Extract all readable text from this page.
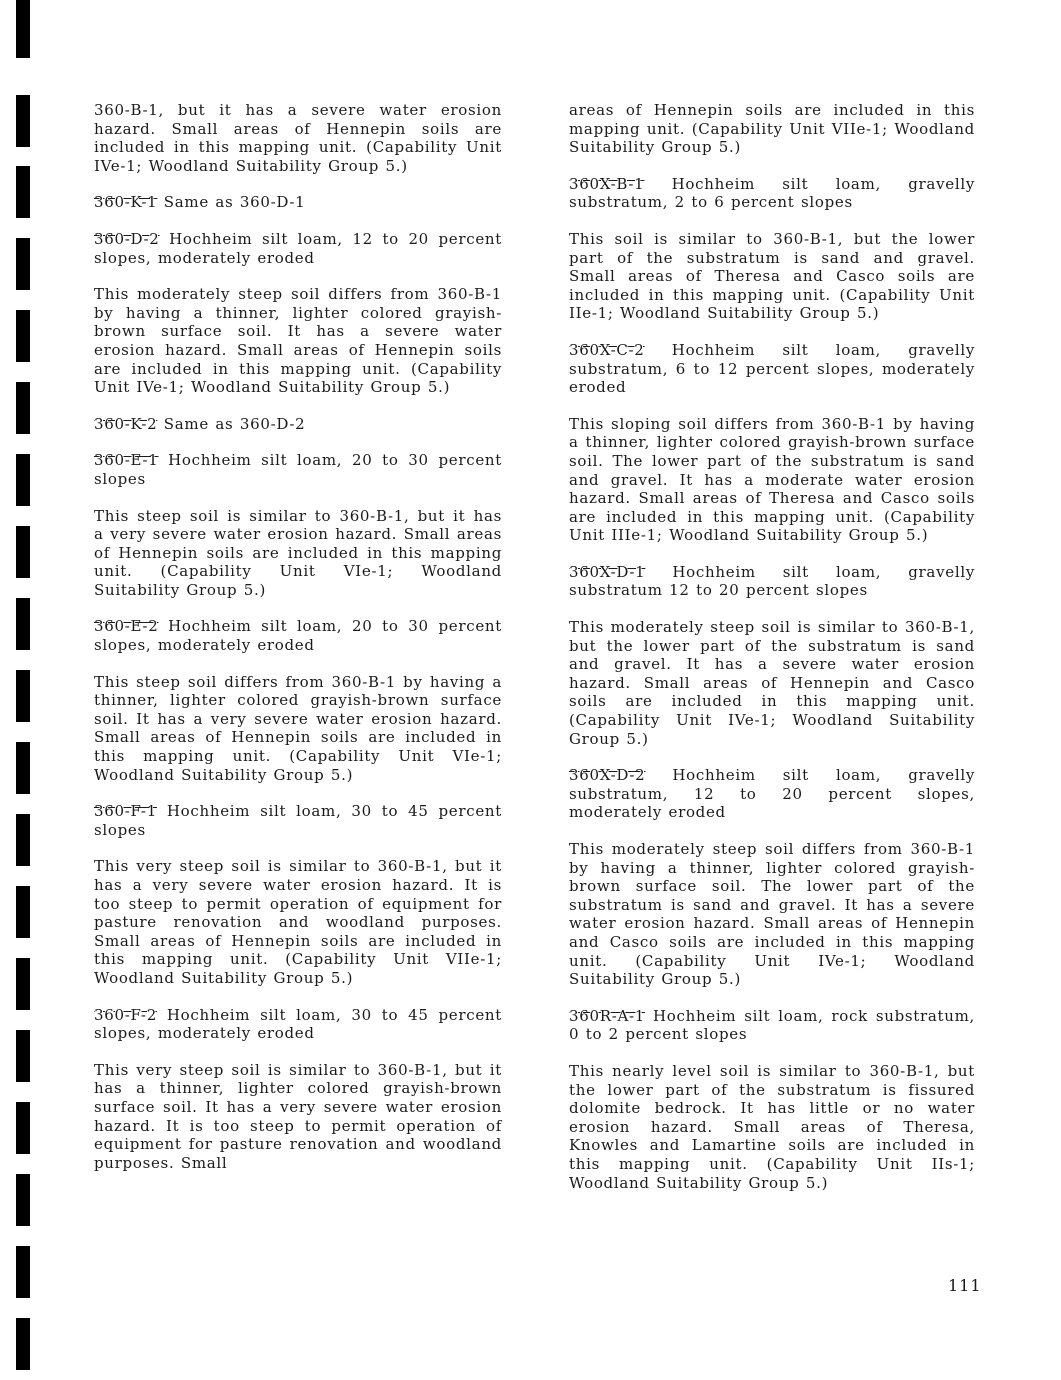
360-B-1, but it has a severe water erosion hazard. Small areas of Hennepin soils are included in this mapping unit. (Capability Unit IVe-1; Woodland Suitability Group 5.)

360-K-1 Same as 360-D-1

360-D-2 Hochheim silt loam, 12 to 20 percent slopes, moderately eroded

This moderately steep soil differs from 360-B-1 by having a thinner, lighter colored grayish-brown surface soil. It has a severe water erosion hazard. Small areas of Hennepin soils are included in this mapping unit. (Capability Unit IVe-1; Woodland Suitability Group 5.)

360-K-2 Same as 360-D-2

360-E-1 Hochheim silt loam, 20 to 30 percent slopes

This steep soil is similar to 360-B-1, but it has a very severe water erosion hazard. Small areas of Hennepin soils are included in this mapping unit. (Capability Unit VIe-1; Woodland Suitability Group 5.)

360-E-2 Hochheim silt loam, 20 to 30 percent slopes, moderately eroded

This steep soil differs from 360-B-1 by having a thinner, lighter colored grayish-brown surface soil. It has a very severe water erosion hazard. Small areas of Hennepin soils are included in this mapping unit. (Capability Unit VIe-1; Woodland Suitability Group 5.)

360-F-1 Hochheim silt loam, 30 to 45 percent slopes

This very steep soil is similar to 360-B-1, but it has a very severe water erosion hazard. It is too steep to permit operation of equipment for pasture renovation and woodland purposes. Small areas of Hennepin soils are included in this mapping unit. (Capability Unit VIIe-1; Woodland Suitability Group 5.)

360-F-2 Hochheim silt loam, 30 to 45 percent slopes, moderately eroded

This very steep soil is similar to 360-B-1, but it has a thinner, lighter colored grayish-brown surface soil. It has a very severe water erosion hazard. It is too steep to permit operation of equipment for pasture renovation and woodland purposes. Small

areas of Hennepin soils are included in this mapping unit. (Capability Unit VIIe-1; Woodland Suitability Group 5.)

360X-B-1 Hochheim silt loam, gravelly substratum, 2 to 6 percent slopes

This soil is similar to 360-B-1, but the lower part of the substratum is sand and gravel. Small areas of Theresa and Casco soils are included in this mapping unit. (Capability Unit IIe-1; Woodland Suitability Group 5.)

360X-C-2 Hochheim silt loam, gravelly substratum, 6 to 12 percent slopes, moderately eroded

This sloping soil differs from 360-B-1 by having a thinner, lighter colored grayish-brown surface soil. The lower part of the substratum is sand and gravel. It has a moderate water erosion hazard. Small areas of Theresa and Casco soils are included in this mapping unit. (Capability Unit IIIe-1; Woodland Suitability Group 5.)

360X-D-1 Hochheim silt loam, gravelly substratum 12 to 20 percent slopes

This moderately steep soil is similar to 360-B-1, but the lower part of the substratum is sand and gravel. It has a severe water erosion hazard. Small areas of Hennepin and Casco soils are included in this mapping unit. (Capability Unit IVe-1; Woodland Suitability Group 5.)

360X-D-2 Hochheim silt loam, gravelly substratum, 12 to 20 percent slopes, moderately eroded

This moderately steep soil differs from 360-B-1 by having a thinner, lighter colored grayish-brown surface soil. The lower part of the substratum is sand and gravel. It has a severe water erosion hazard. Small areas of Hennepin and Casco soils are included in this mapping unit. (Capability Unit IVe-1; Woodland Suitability Group 5.)

360R-A-1 Hochheim silt loam, rock substratum, 0 to 2 percent slopes

This nearly level soil is similar to 360-B-1, but the lower part of the substratum is fissured dolomite bedrock. It has little or no water erosion hazard. Small areas of Theresa, Knowles and Lamartine soils are included in this mapping unit. (Capability Unit IIs-1; Woodland Suitability Group 5.)

111
